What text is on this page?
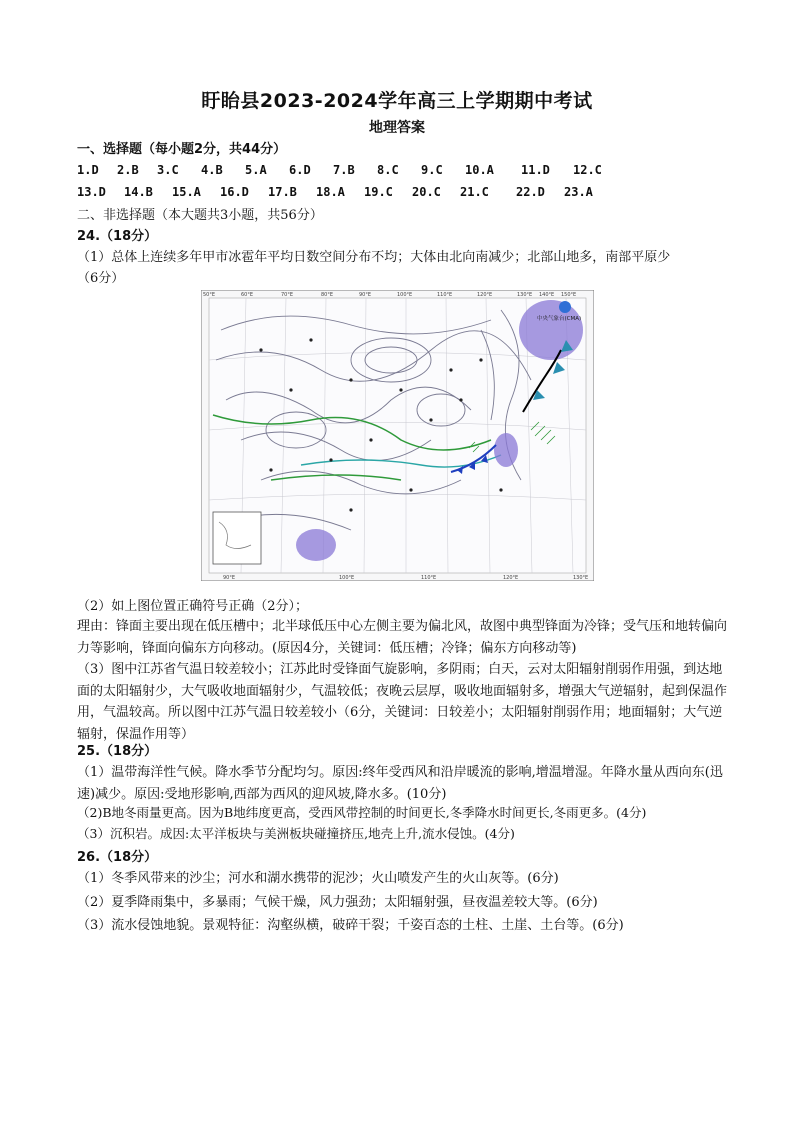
盱眙县2023-2024学年高三上学期期中考试
地理答案
一、选择题（每小题2分，共44分）
1.D 2.B 3.C 4.B 5.A 6.D 7.B 8.C 9.C 10.A 11.D 12.C
13.D 14.B 15.A 16.D 17.B 18.A 19.C 20.C 21.C 22.D 23.A
二、非选择题（本大题共3小题，共56分）
24.（18分）
（1）总体上连续多年甲市冰雹年平均日数空间分布不均；大体由北向南减少；北部山地多，南部平原少
（6分）
中央气象台(CMA)
50°E	60°E	70°E	80°E	90°E	100°E	110°E	120°E	130°E 140°E 150°E
90°E	100°E	110°E	120°E	130°E
（2）如上图位置正确符号正确（2分）；

理由：锋面主要出现在低压槽中；北半球低压中心左侧主要为偏北风，故图中典型锋面为冷锋；受气压和地转偏向力等影响，锋面向偏东方向移动。(原因4分，关键词：低压槽；冷锋；偏东方向移动等)

（3）图中江苏省气温日较差较小；江苏此时受锋面气旋影响，多阴雨；白天，云对太阳辐射削弱作用强，到达地面的太阳辐射少，大气吸收地面辐射少，气温较低；夜晚云层厚，吸收地面辐射多，增强大气逆辐射，起到保温作用，气温较高。所以图中江苏气温日较差较小（6分，关键词：日较差小；太阳辐射削弱作用；地面辐射；大气逆辐射，保温作用等）

25.（18分）

（1）温带海洋性气候。降水季节分配均匀。原因:终年受西风和沿岸暖流的影响,增温增湿。年降水量从西向东(迅速)减少。原因:受地形影响,西部为西风的迎风坡,降水多。(10分)

（2)B地冬雨量更高。因为B地纬度更高，受西风带控制的时间更长,冬季降水时间更长,冬雨更多。(4分)
（3）沉积岩。成因:太平洋板块与美洲板块碰撞挤压,地壳上升,流水侵蚀。(4分)
26.（18分）
（1）冬季风带来的沙尘；河水和湖水携带的泥沙；火山喷发产生的火山灰等。(6分)
（2）夏季降雨集中，多暴雨；气候干燥，风力强劲；太阳辐射强，昼夜温差较大等。(6分)
（3）流水侵蚀地貌。景观特征：沟壑纵横，破碎干裂；千姿百态的土柱、土崖、土台等。(6分)
